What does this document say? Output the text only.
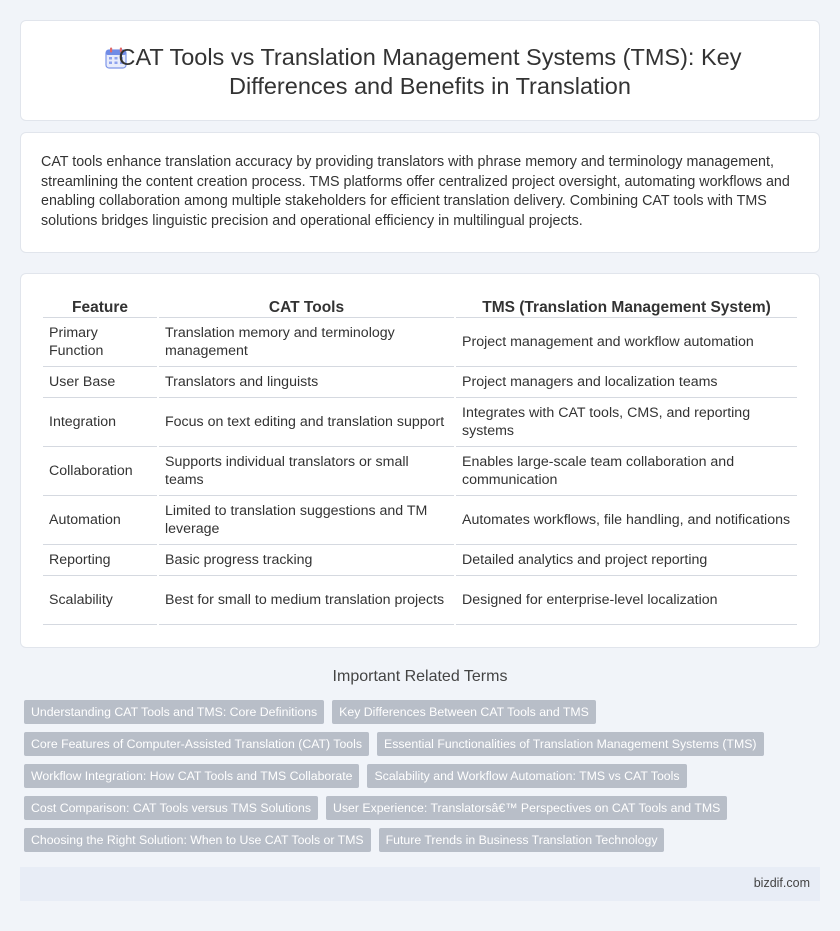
CAT Tools vs Translation Management Systems (TMS): Key Differences and Benefits in Translation

CAT tools enhance translation accuracy by providing translators with phrase memory and terminology management, streamlining the content creation process. TMS platforms offer centralized project oversight, automating workflows and enabling collaboration among multiple stakeholders for efficient translation delivery. Combining CAT tools with TMS solutions bridges linguistic precision and operational efficiency in multilingual projects.

Feature	CAT Tools	TMS (Translation Management System)
Primary Function	Translation memory and terminology management	Project management and workflow automation
User Base	Translators and linguists	Project managers and localization teams
Integration	Focus on text editing and translation support	Integrates with CAT tools, CMS, and reporting systems
Collaboration	Supports individual translators or small teams	Enables large-scale team collaboration and communication
Automation	Limited to translation suggestions and TM leverage	Automates workflows, file handling, and notifications
Reporting	Basic progress tracking	Detailed analytics and project reporting
Scalability	Best for small to medium translation projects	Designed for enterprise-level localization
Important Related Terms
Understanding CAT Tools and TMS: Core Definitions	Key Differences Between CAT Tools and TMS
Core Features of Computer-Assisted Translation (CAT) Tools	Essential Functionalities of Translation Management Systems (TMS)
Workflow Integration: How CAT Tools and TMS Collaborate	Scalability and Workflow Automation: TMS vs CAT Tools
Cost Comparison: CAT Tools versus TMS Solutions	User Experience: Translatorsâ€™ Perspectives on CAT Tools and TMS
Choosing the Right Solution: When to Use CAT Tools or TMS	Future Trends in Business Translation Technology
bizdif.com
